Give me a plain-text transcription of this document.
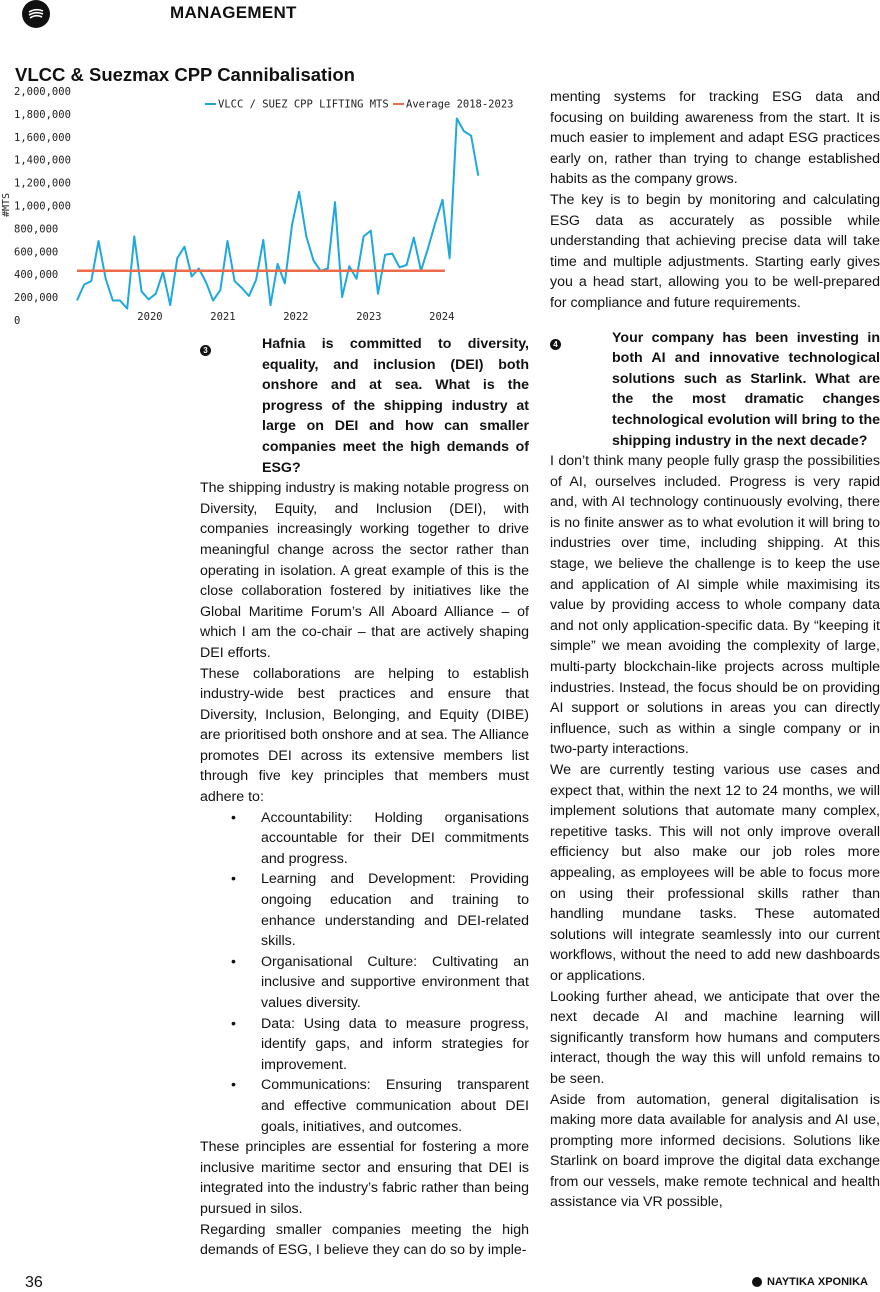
MANAGEMENT
VLCC & Suezmax CPP Cannibalisation
2,000,000
1,800,000
1,600,000
1,400,000
1,200,000
1,000,000
800,000
600,000
400,000
200,000
0
#MTS
2020	2021	2022	2023	2024
VLCC / SUEZ CPP LIFTING MTS Average 2018-2023
3	Hafnia is committed to diversity, equality, and inclusion (DEI) both onshore and at sea. What is the progress of the shipping industry at large on DEI and how can smaller companies meet the high demands of ESG?

The shipping industry is making notable progress on Diversity, Equity, and Inclusion (DEI), with companies increasingly working together to drive meaningful change across the sector rather than operating in isolation. A great example of this is the close collaboration fostered by initiatives like the Global Maritime Forum’s All Aboard Alliance – of which I am the co-chair – that are actively shaping DEI efforts.

These collaborations are helping to establish industry-wide best practices and ensure that Diversity, Inclusion, Belonging, and Equity (DIBE) are prioritised both onshore and at sea. The Alliance promotes DEI across its extensive members list through five key principles that members must adhere to:

• Accountability: Holding organisations accountable for their DEI commitments and progress.
• Learning and Development: Providing ongoing education and training to enhance understanding and DEI-related skills.
• Organisational Culture: Cultivating an inclusive and supportive environment that values diversity.
• Data: Using data to measure progress, identify gaps, and inform strategies for improvement.
• Communications: Ensuring transparent and effective communication about DEI goals, initiatives, and outcomes.

These principles are essential for fostering a more inclusive maritime sector and ensuring that DEI is integrated into the industry’s fabric rather than being pursued in silos.

Regarding smaller companies meeting the high demands of ESG, I believe they can do so by imple-

menting systems for tracking ESG data and focusing on building awareness from the start. It is much easier to implement and adapt ESG practices early on, rather than trying to change established habits as the company grows.

The key is to begin by monitoring and calculating ESG data as accurately as possible while understanding that achieving precise data will take time and multiple adjustments. Starting early gives you a head start, allowing you to be well-prepared for compliance and future requirements.

4	Your company has been investing in both AI and innovative technological solutions such as Starlink. What are the the most dramatic changes technological evolution will bring to the shipping industry in the next decade?

I don’t think many people fully grasp the possibilities of AI, ourselves included. Progress is very rapid and, with AI technology continuously evolving, there is no finite answer as to what evolution it will bring to industries over time, including shipping. At this stage, we believe the challenge is to keep the use and application of AI simple while maximising its value by providing access to whole company data and not only application-specific data. By “keeping it simple” we mean avoiding the complexity of large, multi-party blockchain-like projects across multiple industries. Instead, the focus should be on providing AI support or solutions in areas you can directly influence, such as within a single company or in two-party interactions.

We are currently testing various use cases and expect that, within the next 12 to 24 months, we will implement solutions that automate many complex, repetitive tasks. This will not only improve overall efficiency but also make our job roles more appealing, as employees will be able to focus more on using their professional skills rather than handling mundane tasks. These automated solutions will integrate seamlessly into our current workflows, without the need to add new dashboards or applications.

Looking further ahead, we anticipate that over the next decade AI and machine learning will significantly transform how humans and computers interact, though the way this will unfold remains to be seen.

Aside from automation, general digitalisation is making more data available for analysis and AI use, prompting more informed decisions. Solutions like Starlink on board improve the digital data exchange from our vessels, make remote technical and health assistance via VR possible,

36	ΝΑΥΤΙΚΑ ΧΡΟΝΙΚΑ
